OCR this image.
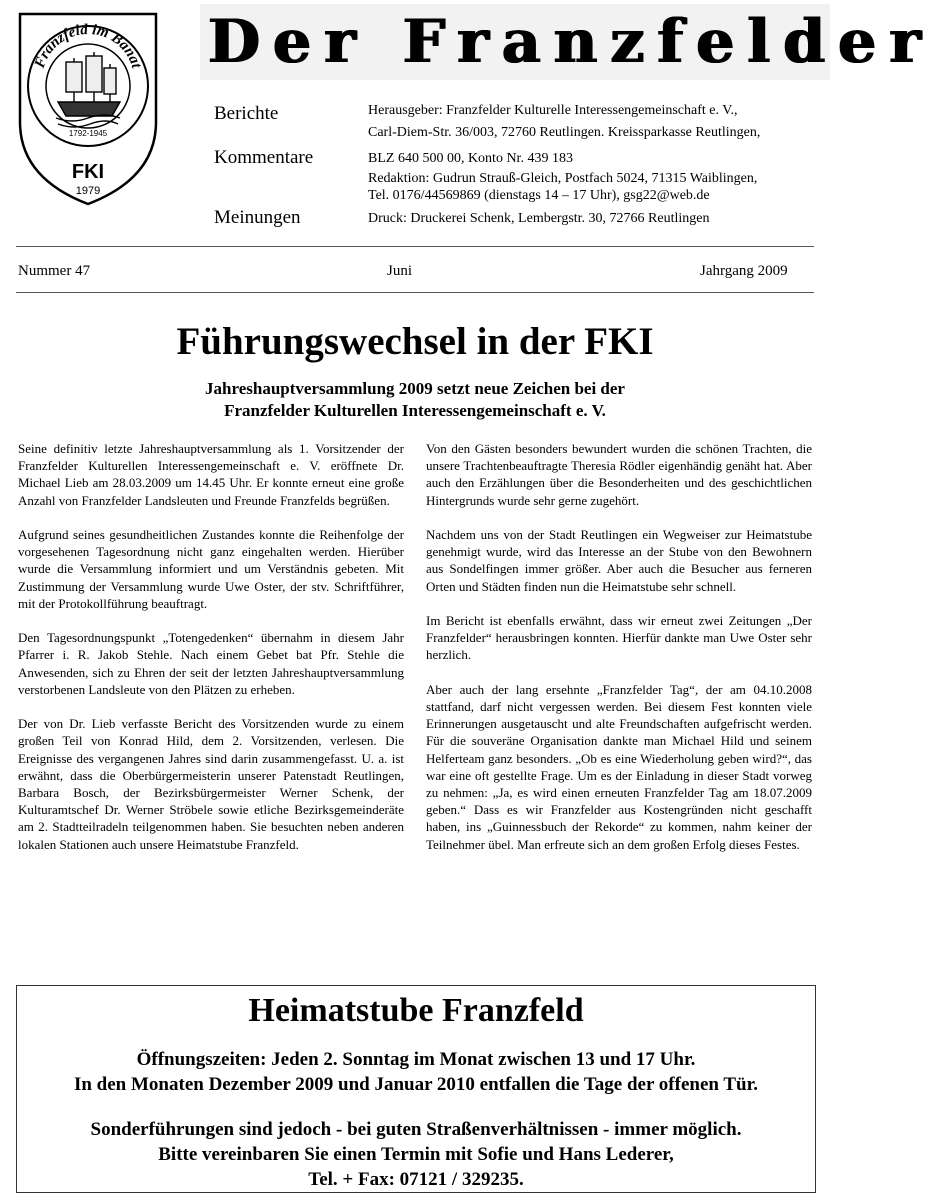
Franzfeld im Banat
1792-1945
FKI
1979
Der Franzfelder
Berichte
Kommentare
Meinungen
Herausgeber: Franzfelder Kulturelle Interessengemeinschaft e. V.,
Carl-Diem-Str. 36/003, 72760 Reutlingen. Kreissparkasse Reutlingen,
BLZ 640 500 00, Konto Nr. 439 183
Redaktion: Gudrun Strauß-Gleich, Postfach 5024, 71315 Waiblingen,
Tel. 0176/44569869 (dienstags 14 – 17 Uhr), gsg22@web.de
Druck: Druckerei Schenk, Lembergstr. 30, 72766 Reutlingen
Nummer 47	Juni	Jahrgang 2009
Führungswechsel in der FKI
Jahreshauptversammlung 2009 setzt neue Zeichen bei der
Franzfelder Kulturellen Interessengemeinschaft e. V.

Seine definitiv letzte Jahreshauptversammlung als 1. Vorsitzender der Franzfelder Kulturellen Interessengemeinschaft e. V. eröffnete Dr. Michael Lieb am 28.03.2009 um 14.45 Uhr. Er konnte erneut eine große Anzahl von Franzfelder Landsleuten und Freunde Franzfelds begrüßen.

Aufgrund seines gesundheitlichen Zustandes konnte die Reihenfolge der vorgesehenen Tagesordnung nicht ganz eingehalten werden. Hierüber wurde die Versammlung informiert und um Verständnis gebeten. Mit Zustimmung der Versammlung wurde Uwe Oster, der stv. Schriftführer, mit der Protokollführung beauftragt.

Den Tagesordnungspunkt „Totengedenken“ übernahm in diesem Jahr Pfarrer i. R. Jakob Stehle. Nach einem Gebet bat Pfr. Stehle die Anwesenden, sich zu Ehren der seit der letzten Jahreshauptversammlung verstorbenen Landsleute von den Plätzen zu erheben.

Der von Dr. Lieb verfasste Bericht des Vorsitzenden wurde zu einem großen Teil von Konrad Hild, dem 2. Vorsitzenden, verlesen. Die Ereignisse des vergangenen Jahres sind darin zusammengefasst. U. a. ist erwähnt, dass die Oberbürgermeisterin unserer Patenstadt Reutlingen, Barbara Bosch, der Bezirksbürgermeister Werner Schenk, der Kulturamtschef Dr. Werner Ströbele sowie etliche Bezirksgemeinderäte am 2. Stadtteilradeln teilgenommen haben. Sie besuchten neben anderen lokalen Stationen auch unsere Heimatstube Franzfeld.

Von den Gästen besonders bewundert wurden die schönen Trachten, die unsere Trachtenbeauftragte Theresia Rödler eigenhändig genäht hat. Aber auch den Erzählungen über die Besonderheiten und des geschichtlichen Hintergrunds wurde sehr gerne zugehört.

Nachdem uns von der Stadt Reutlingen ein Wegweiser zur Heimatstube genehmigt wurde, wird das Interesse an der Stube von den Bewohnern aus Sondelfingen immer größer. Aber auch die Besucher aus ferneren Orten und Städten finden nun die Heimatstube sehr schnell.

Im Bericht ist ebenfalls erwähnt, dass wir erneut zwei Zeitungen „Der Franzfelder“ herausbringen konnten. Hierfür dankte man Uwe Oster sehr herzlich.

Aber auch der lang ersehnte „Franzfelder Tag“, der am 04.10.2008 stattfand, darf nicht vergessen werden. Bei diesem Fest konnten viele Erinnerungen ausgetauscht und alte Freundschaften aufgefrischt werden. Für die souveräne Organisation dankte man Michael Hild und seinem Helferteam ganz besonders. „Ob es eine Wiederholung geben wird?“, das war eine oft gestellte Frage. Um es der Einladung in dieser Stadt vorweg zu nehmen: „Ja, es wird einen erneuten Franzfelder Tag am 18.07.2009 geben.“ Dass es wir Franzfelder aus Kostengründen nicht geschafft haben, ins „Guinnessbuch der Rekorde“ zu kommen, nahm keiner der Teilnehmer übel. Man erfreute sich an dem großen Erfolg dieses Festes.

Heimatstube Franzfeld
Öffnungszeiten: Jeden 2. Sonntag im Monat zwischen 13 und 17 Uhr.
In den Monaten Dezember 2009 und Januar 2010 entfallen die Tage der offenen Tür.
Sonderführungen sind jedoch - bei guten Straßenverhältnissen - immer möglich.
Bitte vereinbaren Sie einen Termin mit Sofie und Hans Lederer,
Tel. + Fax: 07121 / 329235.
